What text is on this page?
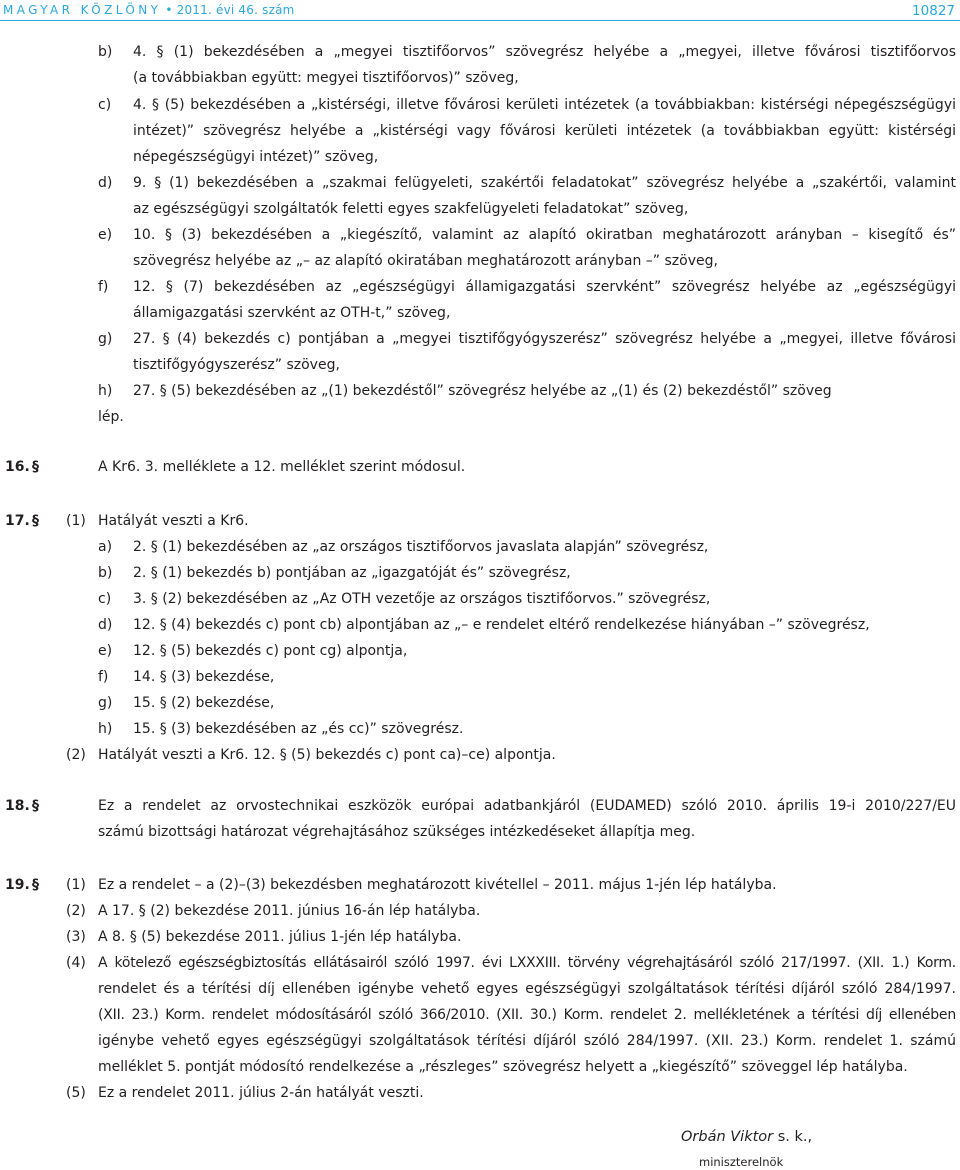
MAGYAR KÖZLÖNY • 2011. évi 46. szám	10827
b) 4. § (1) bekezdésében a „megyei tisztifőorvos” szövegrész helyébe a „megyei, illetve fővárosi tisztifőorvos
(a továbbiakban együtt: megyei tisztifőorvos)” szöveg,
c) 4. § (5) bekezdésében a „kistérségi, illetve fővárosi kerületi intézetek (a továbbiakban: kistérségi népegészségügyi
intézet)” szövegrész helyébe a „kistérségi vagy fővárosi kerületi intézetek (a továbbiakban együtt: kistérségi
népegészségügyi intézet)” szöveg,
d) 9. § (1) bekezdésében a „szakmai felügyeleti, szakértői feladatokat” szövegrész helyébe a „szakértői, valamint
az egészségügyi szolgáltatók feletti egyes szakfelügyeleti feladatokat” szöveg,
e) 10. § (3) bekezdésében a „kiegészítő, valamint az alapító okiratban meghatározott arányban – kisegítő és”
szövegrész helyébe az „– az alapító okiratában meghatározott arányban –” szöveg,
f) 12. § (7) bekezdésében az „egészségügyi államigazgatási szervként” szövegrész helyébe az „egészségügyi
államigazgatási szervként az OTH-t,” szöveg,
g) 27. § (4) bekezdés c) pontjában a „megyei tisztifőgyógyszerész” szövegrész helyébe a „megyei, illetve fővárosi
tisztifőgyógyszerész” szöveg,
h) 27. § (5) bekezdésében az „(1) bekezdéstől” szövegrész helyébe az „(1) és (2) bekezdéstől” szöveg
lép.
16. §	A Kr6. 3. melléklete a 12. melléklet szerint módosul.
17. § (1) Hatályát veszti a Kr6.
a) 2. § (1) bekezdésében az „az országos tisztifőorvos javaslata alapján” szövegrész,
b) 2. § (1) bekezdés b) pontjában az „igazgatóját és” szövegrész,
c) 3. § (2) bekezdésében az „Az OTH vezetője az országos tisztifőorvos.” szövegrész,
d) 12. § (4) bekezdés c) pont cb) alpontjában az „– e rendelet eltérő rendelkezése hiányában –” szövegrész,
e) 12. § (5) bekezdés c) pont cg) alpontja,
f) 14. § (3) bekezdése,
g) 15. § (2) bekezdése,
h) 15. § (3) bekezdésében az „és cc)” szövegrész.
(2) Hatályát veszti a Kr6. 12. § (5) bekezdés c) pont ca)–ce) alpontja.
18. §	Ez a rendelet az orvostechnikai eszközök európai adatbankjáról (EUDAMED) szóló 2010. április 19-i 2010/227/EU
számú bizottsági határozat végrehajtásához szükséges intézkedéseket állapítja meg.
19. § (1) Ez a rendelet – a (2)–(3) bekezdésben meghatározott kivétellel – 2011. május 1-jén lép hatályba.
(2) A 17. § (2) bekezdése 2011. június 16-án lép hatályba.
(3) A 8. § (5) bekezdése 2011. július 1-jén lép hatályba.
(4) A kötelező egészségbiztosítás ellátásairól szóló 1997. évi LXXXIII. törvény végrehajtásáról szóló 217/1997. (XII. 1.) Korm.
rendelet és a térítési díj ellenében igénybe vehető egyes egészségügyi szolgáltatások térítési díjáról szóló 284/1997.
(XII. 23.) Korm. rendelet módosításáról szóló 366/2010. (XII. 30.) Korm. rendelet 2. mellékletének a térítési díj ellenében
igénybe vehető egyes egészségügyi szolgáltatások térítési díjáról szóló 284/1997. (XII. 23.) Korm. rendelet 1. számú
melléklet 5. pontját módosító rendelkezése a „részleges” szövegrész helyett a „kiegészítő” szöveggel lép hatályba.
(5) Ez a rendelet 2011. július 2-án hatályát veszti.
Orbán Viktor s. k.,
miniszterelnök
